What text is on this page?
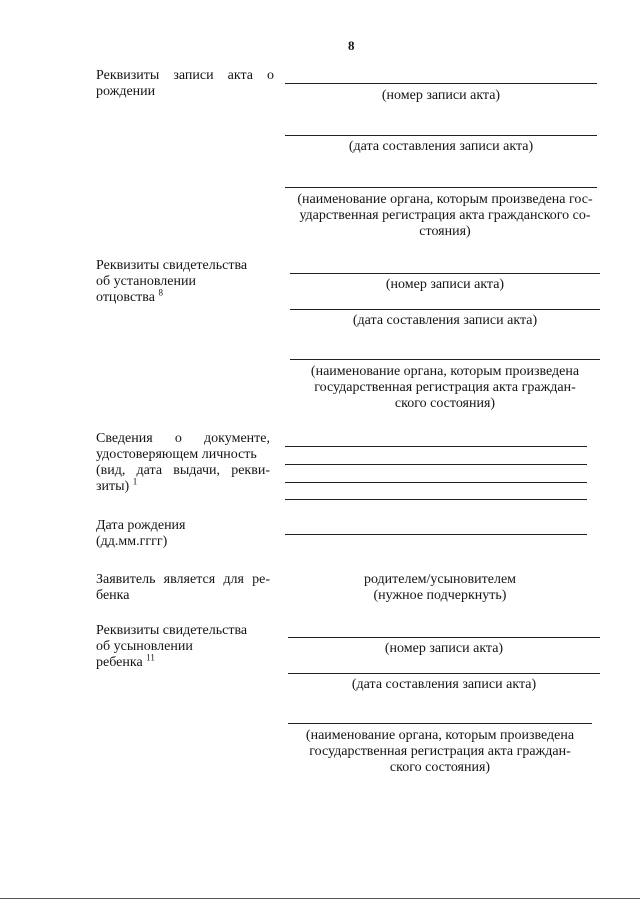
8
Реквизиты записи акта о
рождении	(номер записи акта)
(дата составления записи акта)
(наименование органа, которым произведена гос-
ударственная регистрация акта гражданского со-
стояния)
Реквизиты свидетельства
об установлении
отцовства $^8$
(номер записи акта)
(дата составления записи акта)
(наименование органа, которым произведена
государственная регистрация акта граждан-
ского состояния)
Сведения о документе,
удостоверяющем личность
(вид, дата выдачи, рекви-
зиты) $^1$
Дата рождения
(дд.мм.гггг)
Заявитель является для ре-
бенка
родителем/усыновителем
(нужное подчеркнуть)
Реквизиты свидетельства
об усыновлении
ребенка $^{11}$
(номер записи акта)
(дата составления записи акта)
(наименование органа, которым произведена
государственная регистрация акта граждан-
ского состояния)
